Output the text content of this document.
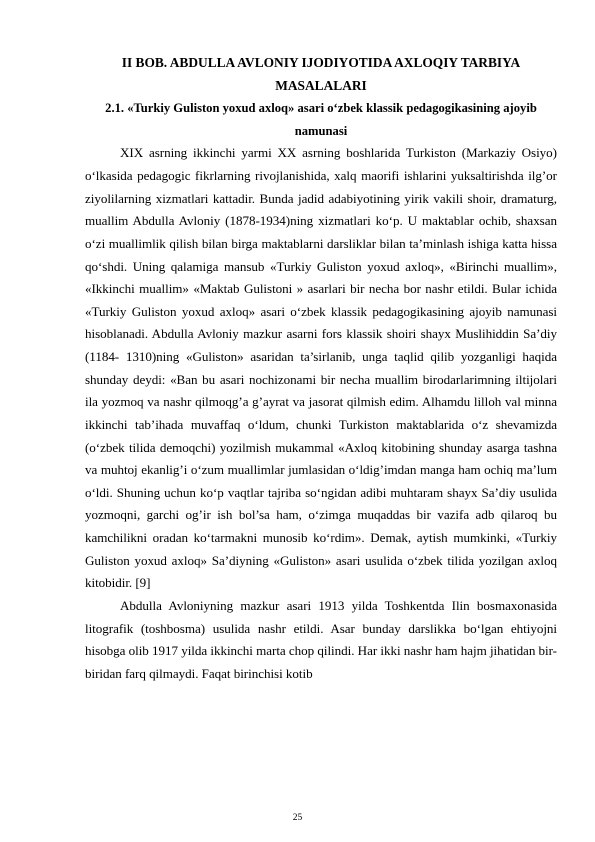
II BOB. ABDULLA AVLONIY IJODIYOTIDA AXLOQIY TARBIYA MASALALARI
2.1. «Turkiy Guliston yoxud axloq» asari o‘zbek klassik pedagogikasining ajoyib namunasi

XIX asrning ikkinchi yarmi XX asrning boshlarida Turkiston (Markaziy Osiyo) o‘lkasida pedagogic fikrlarning rivojlanishida, xalq maorifi ishlarini yuksaltirishda ilg’or ziyolilarning xizmatlari kattadir. Bunda jadid adabiyotining yirik vakili shoir, dramaturg, muallim Abdulla Avloniy (1878-1934)ning xizmatlari ko‘p. U maktablar ochib, shaxsan o‘zi muallimlik qilish bilan birga maktablarni darsliklar bilan ta’minlash ishiga katta hissa qo‘shdi. Uning qalamiga mansub «Turkiy Guliston yoxud axloq», «Birinchi muallim», «Ikkinchi muallim» «Maktab Gulistoni » asarlari bir necha bor nashr etildi. Bular ichida «Turkiy Guliston yoxud axloq» asari o‘zbek klassik pedagogikasining ajoyib namunasi hisoblanadi. Abdulla Avloniy mazkur asarni fors klassik shoiri shayx Muslihiddin Sa’diy (1184- 1310)ning «Guliston» asaridan ta’sirlanib, unga taqlid qilib yozganligi haqida shunday deydi: «Ban bu asari nochizonami bir necha muallim birodarlarimning iltijolari ila yozmoq va nashr qilmoqg’a g’ayrat va jasorat qilmish edim. Alhamdu lilloh val minna ikkinchi tab’ihada muvaffaq o‘ldum, chunki Turkiston maktablarida o‘z shevamizda (o‘zbek tilida demoqchi) yozilmish mukammal «Axloq kitobining shunday asarga tashna va muhtoj ekanlig’i o‘zum muallimlar jumlasidan o‘ldig’imdan manga ham ochiq ma’lum o‘ldi. Shuning uchun ko‘p vaqtlar tajriba so‘ngidan adibi muhtaram shayx Sa’diy usulida yozmoqni, garchi og’ir ish bol’sa ham, o‘zimga muqaddas bir vazifa adb qilaroq bu kamchilikni oradan ko‘tarmakni munosib ko‘rdim». Demak, aytish mumkinki, «Turkiy Guliston yoxud axloq» Sa’diyning «Guliston» asari usulida o‘zbek tilida yozilgan axloq kitobidir. [9]

Abdulla Avloniyning mazkur asari 1913 yilda Toshkentda Ilin bosmaxonasida litografik (toshbosma) usulida nashr etildi. Asar bunday darslikka bo‘lgan ehtiyojni hisobga olib 1917 yilda ikkinchi marta chop qilindi. Har ikki nashr ham hajm jihatidan bir-biridan farq qilmaydi. Faqat birinchisi kotib

25
